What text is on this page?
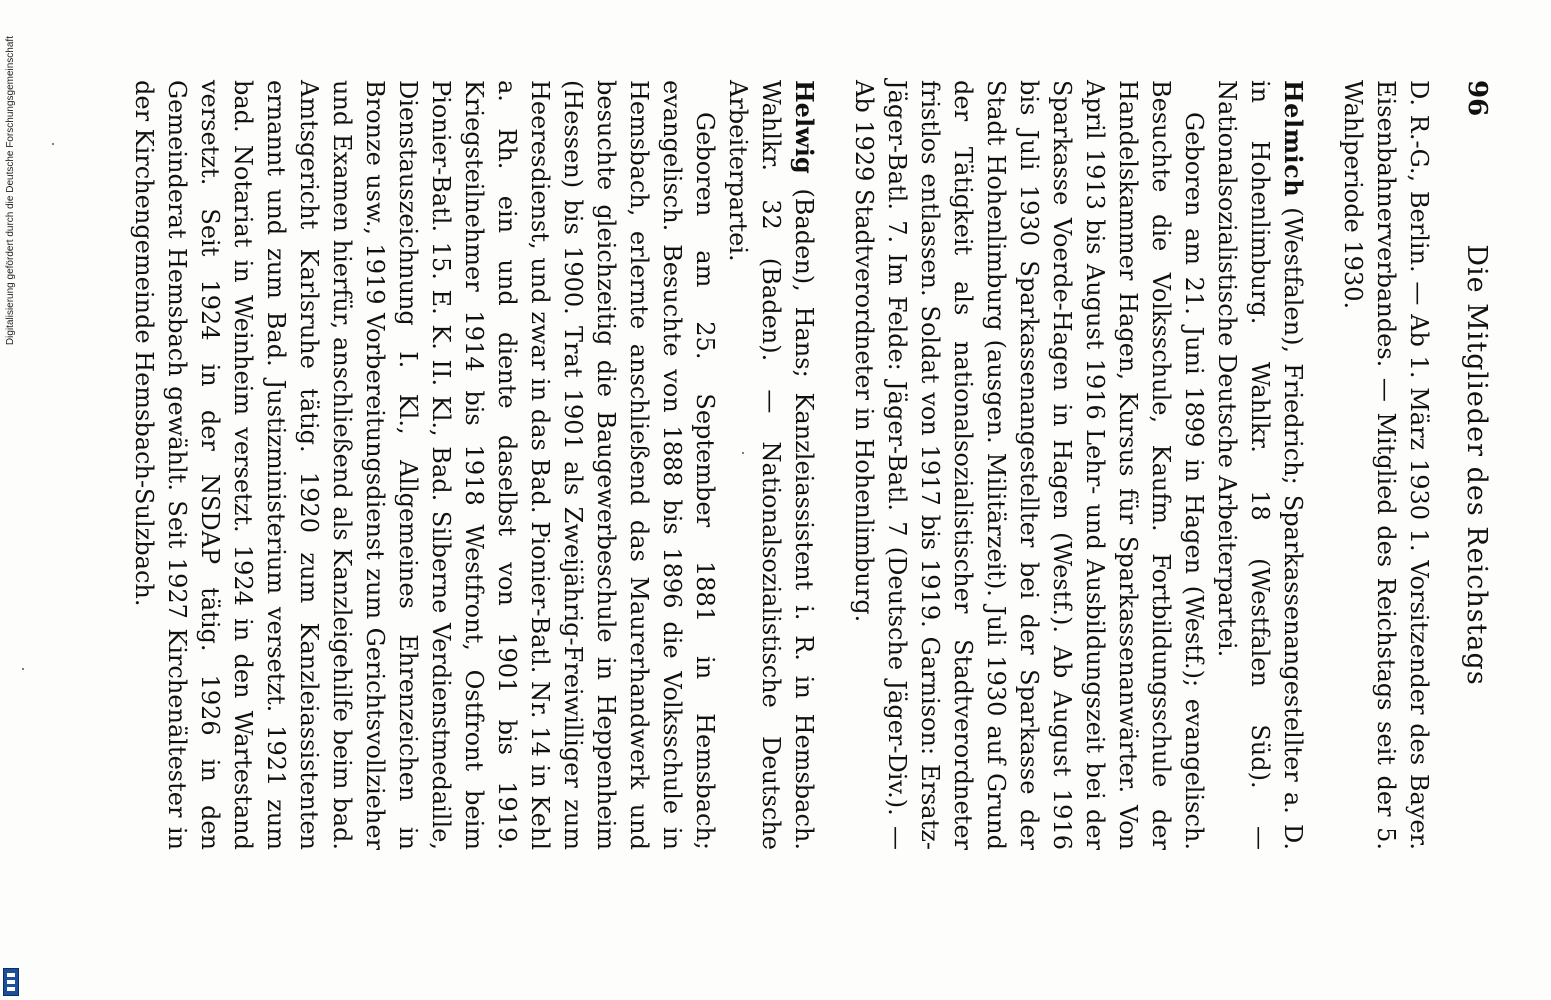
96
Die Mitglieder des Reichstags

D. R.-G., Berlin. — Ab 1. März 1930 1. Vorsitzender des Bayer. Eisenbahnerverbandes. — Mitglied des Reichstags seit der 5. Wahlperiode 1930.

Helmich (Westfalen), Friedrich; Sparkassenangestellter a. D. in Hohenlimburg. Wahlkr. 18 (Westfalen Süd). — Nationalsozialistische Deutsche Arbeiterpartei.

Geboren am 21. Juni 1899 in Hagen (Westf.); evangelisch. Besuchte die Volksschule, Kaufm. Fortbildungsschule der Handelskammer Hagen, Kursus für Sparkassenanwärter. Von April 1913 bis August 1916 Lehr- und Ausbildungszeit bei der Sparkasse Voerde-Hagen in Hagen (Westf.). Ab August 1916 bis Juli 1930 Sparkassenangestellter bei der Sparkasse der Stadt Hohenlimburg (ausgen. Militärzeit). Juli 1930 auf Grund der Tätigkeit als nationalsozialistischer Stadtverordneter fristlos entlassen. Soldat von 1917 bis 1919. Garnison: Ersatz-Jäger-Batl. 7. Im Felde: Jäger-Batl. 7 (Deutsche Jäger-Div.). — Ab 1929 Stadtverordneter in Hohenlimburg.

Helwig (Baden), Hans; Kanzleiassistent i. R. in Hemsbach. Wahlkr. 32 (Baden). — Nationalsozialistische Deutsche Arbeiterpartei.

Geboren am 25. September 1881 in Hemsbach; evangelisch. Besuchte von 1888 bis 1896 die Volksschule in Hemsbach, erlernte anschließend das Maurerhandwerk und besuchte gleichzeitig die Baugewerbeschule in Heppenheim (Hessen) bis 1900. Trat 1901 als Zweijährig-Freiwilliger zum Heeresdienst, und zwar in das Bad. Pionier-Batl. Nr. 14 in Kehl a. Rh. ein und diente daselbst von 1901 bis 1919. Kriegsteilnehmer 1914 bis 1918 Westfront, Ostfront beim Pionier-Batl. 15. E. K. II. Kl., Bad. Silberne Verdienstmedaille, Dienstauszeichnung I. Kl., Allgemeines Ehrenzeichen in Bronze usw., 1919 Vorbereitungsdienst zum Gerichtsvollzieher und Examen hierfür, anschließend als Kanzleigehilfe beim bad. Amtsgericht Karlsruhe tätig. 1920 zum Kanzleiassistenten ernannt und zum Bad. Justizministerium versetzt. 1921 zum bad. Notariat in Weinheim versetzt. 1924 in den Wartestand versetzt. Seit 1924 in der NSDAP tätig. 1926 in den Gemeinderat Hemsbach gewählt. Seit 1927 Kirchenältester in der Kirchengemeinde Hemsbach-Sulzbach.

Digitalisierung gefördert durch die Deutsche Forschungsgemeinschaft
